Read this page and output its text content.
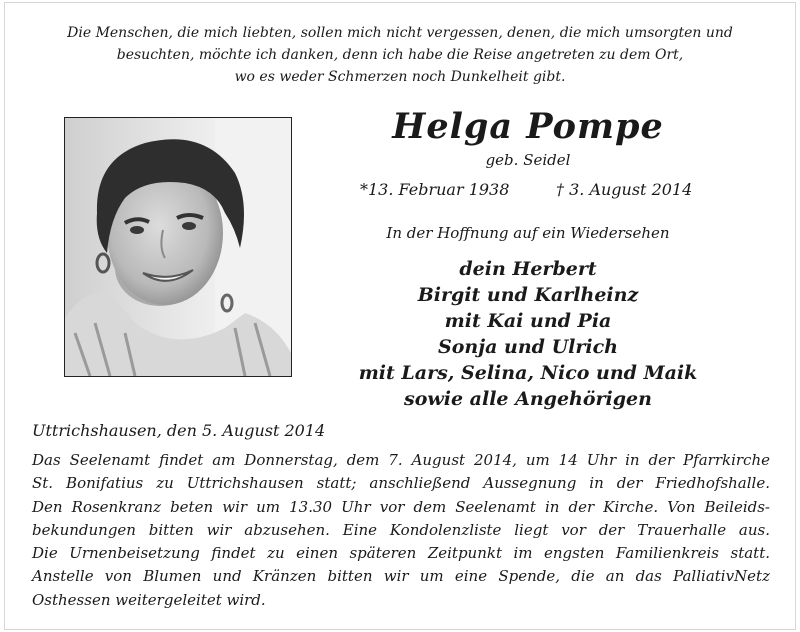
Die Menschen, die mich liebten, sollen mich nicht vergessen, denen, die mich umsorgten und
besuchten, möchte ich danken, denn ich habe die Reise angetreten zu dem Ort,
wo es weder Schmerzen noch Dunkelheit gibt.
Helga Pompe
geb. Seidel
*13. Februar 1938	† 3. August 2014
In der Hoffnung auf ein Wiedersehen
dein Herbert
Birgit und Karlheinz
mit Kai und Pia
Sonja und Ulrich
mit Lars, Selina, Nico und Maik
sowie alle Angehörigen
Uttrichshausen, den 5. August 2014
Das Seelenamt findet am Donnerstag, dem 7. August 2014, um 14 Uhr in der Pfarrkirche
St. Bonifatius zu Uttrichshausen statt; anschließend Aussegnung in der Friedhofshalle.
Den Rosenkranz beten wir um 13.30 Uhr vor dem Seelenamt in der Kirche. Von Beileids-
bekundungen bitten wir abzusehen. Eine Kondolenzliste liegt vor der Trauerhalle aus.
Die Urnenbeisetzung findet zu einen späteren Zeitpunkt im engsten Familienkreis statt.
Anstelle von Blumen und Kränzen bitten wir um eine Spende, die an das PalliativNetz
Osthessen weitergeleitet wird.
